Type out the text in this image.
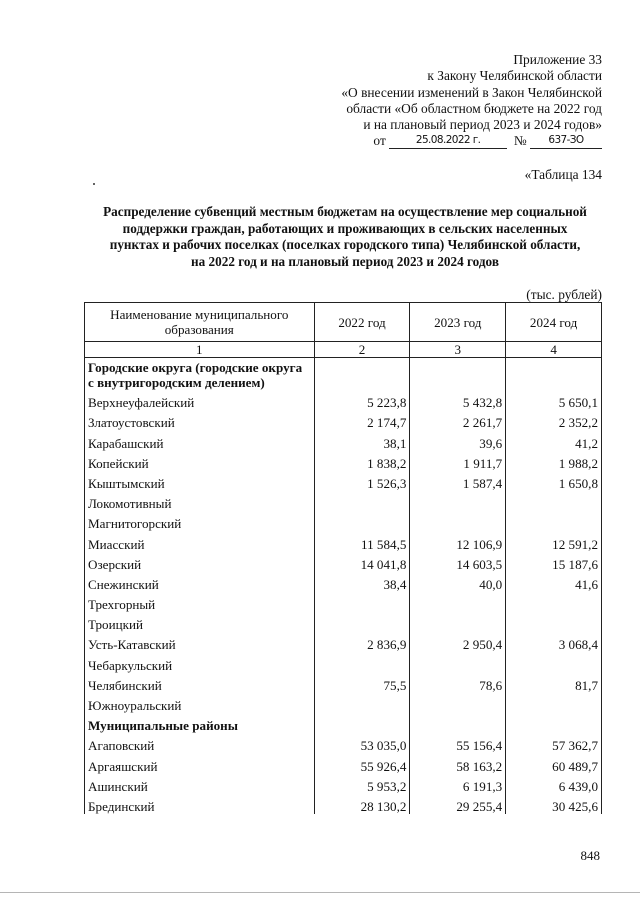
Приложение 33
к Закону Челябинской области
«О внесении изменений в Закон Челябинской
области «Об областном бюджете на 2022 год
и на плановый период 2023 и 2024 годов»
от	25.08.2022 г. № 637-ЗО
«Таблица 134
Распределение субвенций местным бюджетам на осуществление мер социальной
поддержки граждан, работающих и проживающих в сельских населенных
пунктах и рабочих поселках (поселках городского типа) Челябинской области,
на 2022 год и на плановый период 2023 и 2024 годов
(тыс. рублей)
Наименование муниципального образования	2022 год	2023 год	2024 год
1	2	3	4
Городские округа (городские округа с внутригородским делением)			
Верхнеуфалейский	5 223,8	5 432,8	5 650,1
Златоустовский	2 174,7	2 261,7	2 352,2
Карабашский	38,1	39,6	41,2
Копейский	1 838,2	1 911,7	1 988,2
Кыштымский	1 526,3	1 587,4	1 650,8
Локомотивный			
Магнитогорский			
Миасский	11 584,5	12 106,9	12 591,2
Озерский	14 041,8	14 603,5	15 187,6
Снежинский	38,4	40,0	41,6
Трехгорный			
Троицкий			
Усть-Катавский	2 836,9	2 950,4	3 068,4
Чебаркульский			
Челябинский	75,5	78,6	81,7
Южноуральский			
Муниципальные районы			
Агаповский	53 035,0	55 156,4	57 362,7
Аргаяшский	55 926,4	58 163,2	60 489,7
Ашинский	5 953,2	6 191,3	6 439,0
Брединский	28 130,2	29 255,4	30 425,6
848
